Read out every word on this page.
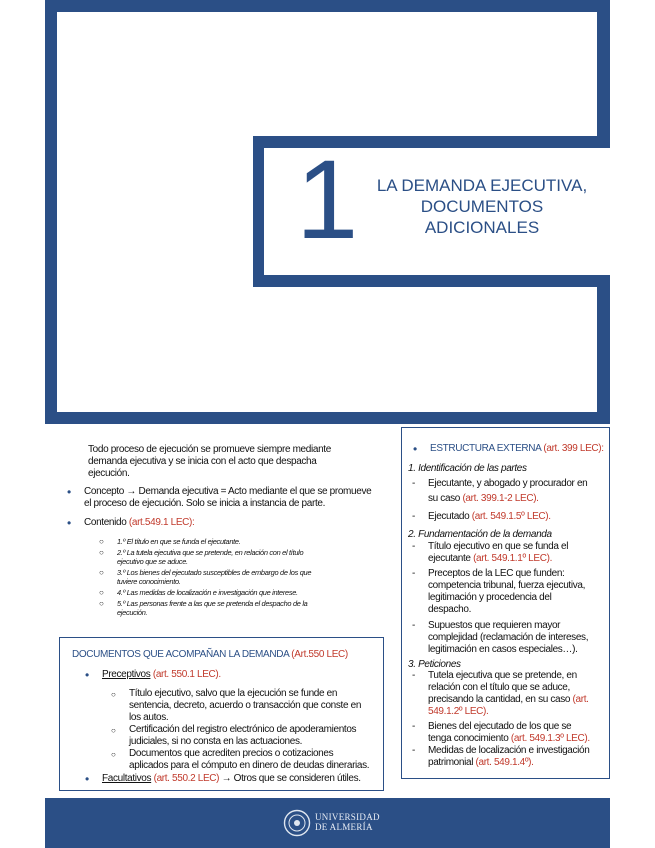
1	LA DEMANDA EJECUTIVA,
DOCUMENTOS
ADICIONALES
Todo proceso de ejecución se promueve siempre mediante
demanda ejecutiva y se inicia con el acto que despacha
ejecución.
• Concepto → Demanda ejecutiva = Acto mediante el que se promueve
el proceso de ejecución. Solo se inicia a instancia de parte.
• Contenido (art.549.1 LEC):
○ 1.º El título en que se funda el ejecutante.
○ 2.º La tutela ejecutiva que se pretende, en relación con el título
ejecutivo que se aduce.
○ 3.º Los bienes del ejecutado susceptibles de embargo de los que
tuviere conocimiento.
○ 4.º Las medidas de localización e investigación que interese.
○ 5.º Las personas frente a las que se pretenda el despacho de la
ejecución.
DOCUMENTOS QUE ACOMPAÑAN LA DEMANDA (Art.550 LEC)
• Preceptivos (art. 550.1 LEC).
○ Título ejecutivo, salvo que la ejecución se funde en
sentencia, decreto, acuerdo o transacción que conste en
los autos.
○ Certificación del registro electrónico de apoderamientos
judiciales, si no consta en las actuaciones.
○ Documentos que acrediten precios o cotizaciones
aplicados para el cómputo en dinero de deudas dinerarias.
• Facultativos (art. 550.2 LEC) → Otros que se consideren útiles.
• ESTRUCTURA EXTERNA (art. 399 LEC):
1. Identificación de las partes
- Ejecutante, y abogado y procurador en
su caso (art. 399.1-2 LEC).
- Ejecutado (art. 549.1.5º LEC).
2. Fundamentación de la demanda
- Título ejecutivo en que se funda el
ejecutante (art. 549.1.1º LEC).
- Preceptos de la LEC que funden:
competencia tribunal, fuerza ejecutiva,
legitimación y procedencia del
despacho.
- Supuestos que requieren mayor
complejidad (reclamación de intereses,
legitimación en casos especiales…).
3. Peticiones
- Tutela ejecutiva que se pretende, en
relación con el título que se aduce,
precisando la cantidad, en su caso (art.
549.1.2º LEC).
- Bienes del ejecutado de los que se
tenga conocimiento (art. 549.1.3º LEC).
- Medidas de localización e investigación
patrimonial (art. 549.1.4º).
UNIVERSIDAD
DE ALMERÍA
